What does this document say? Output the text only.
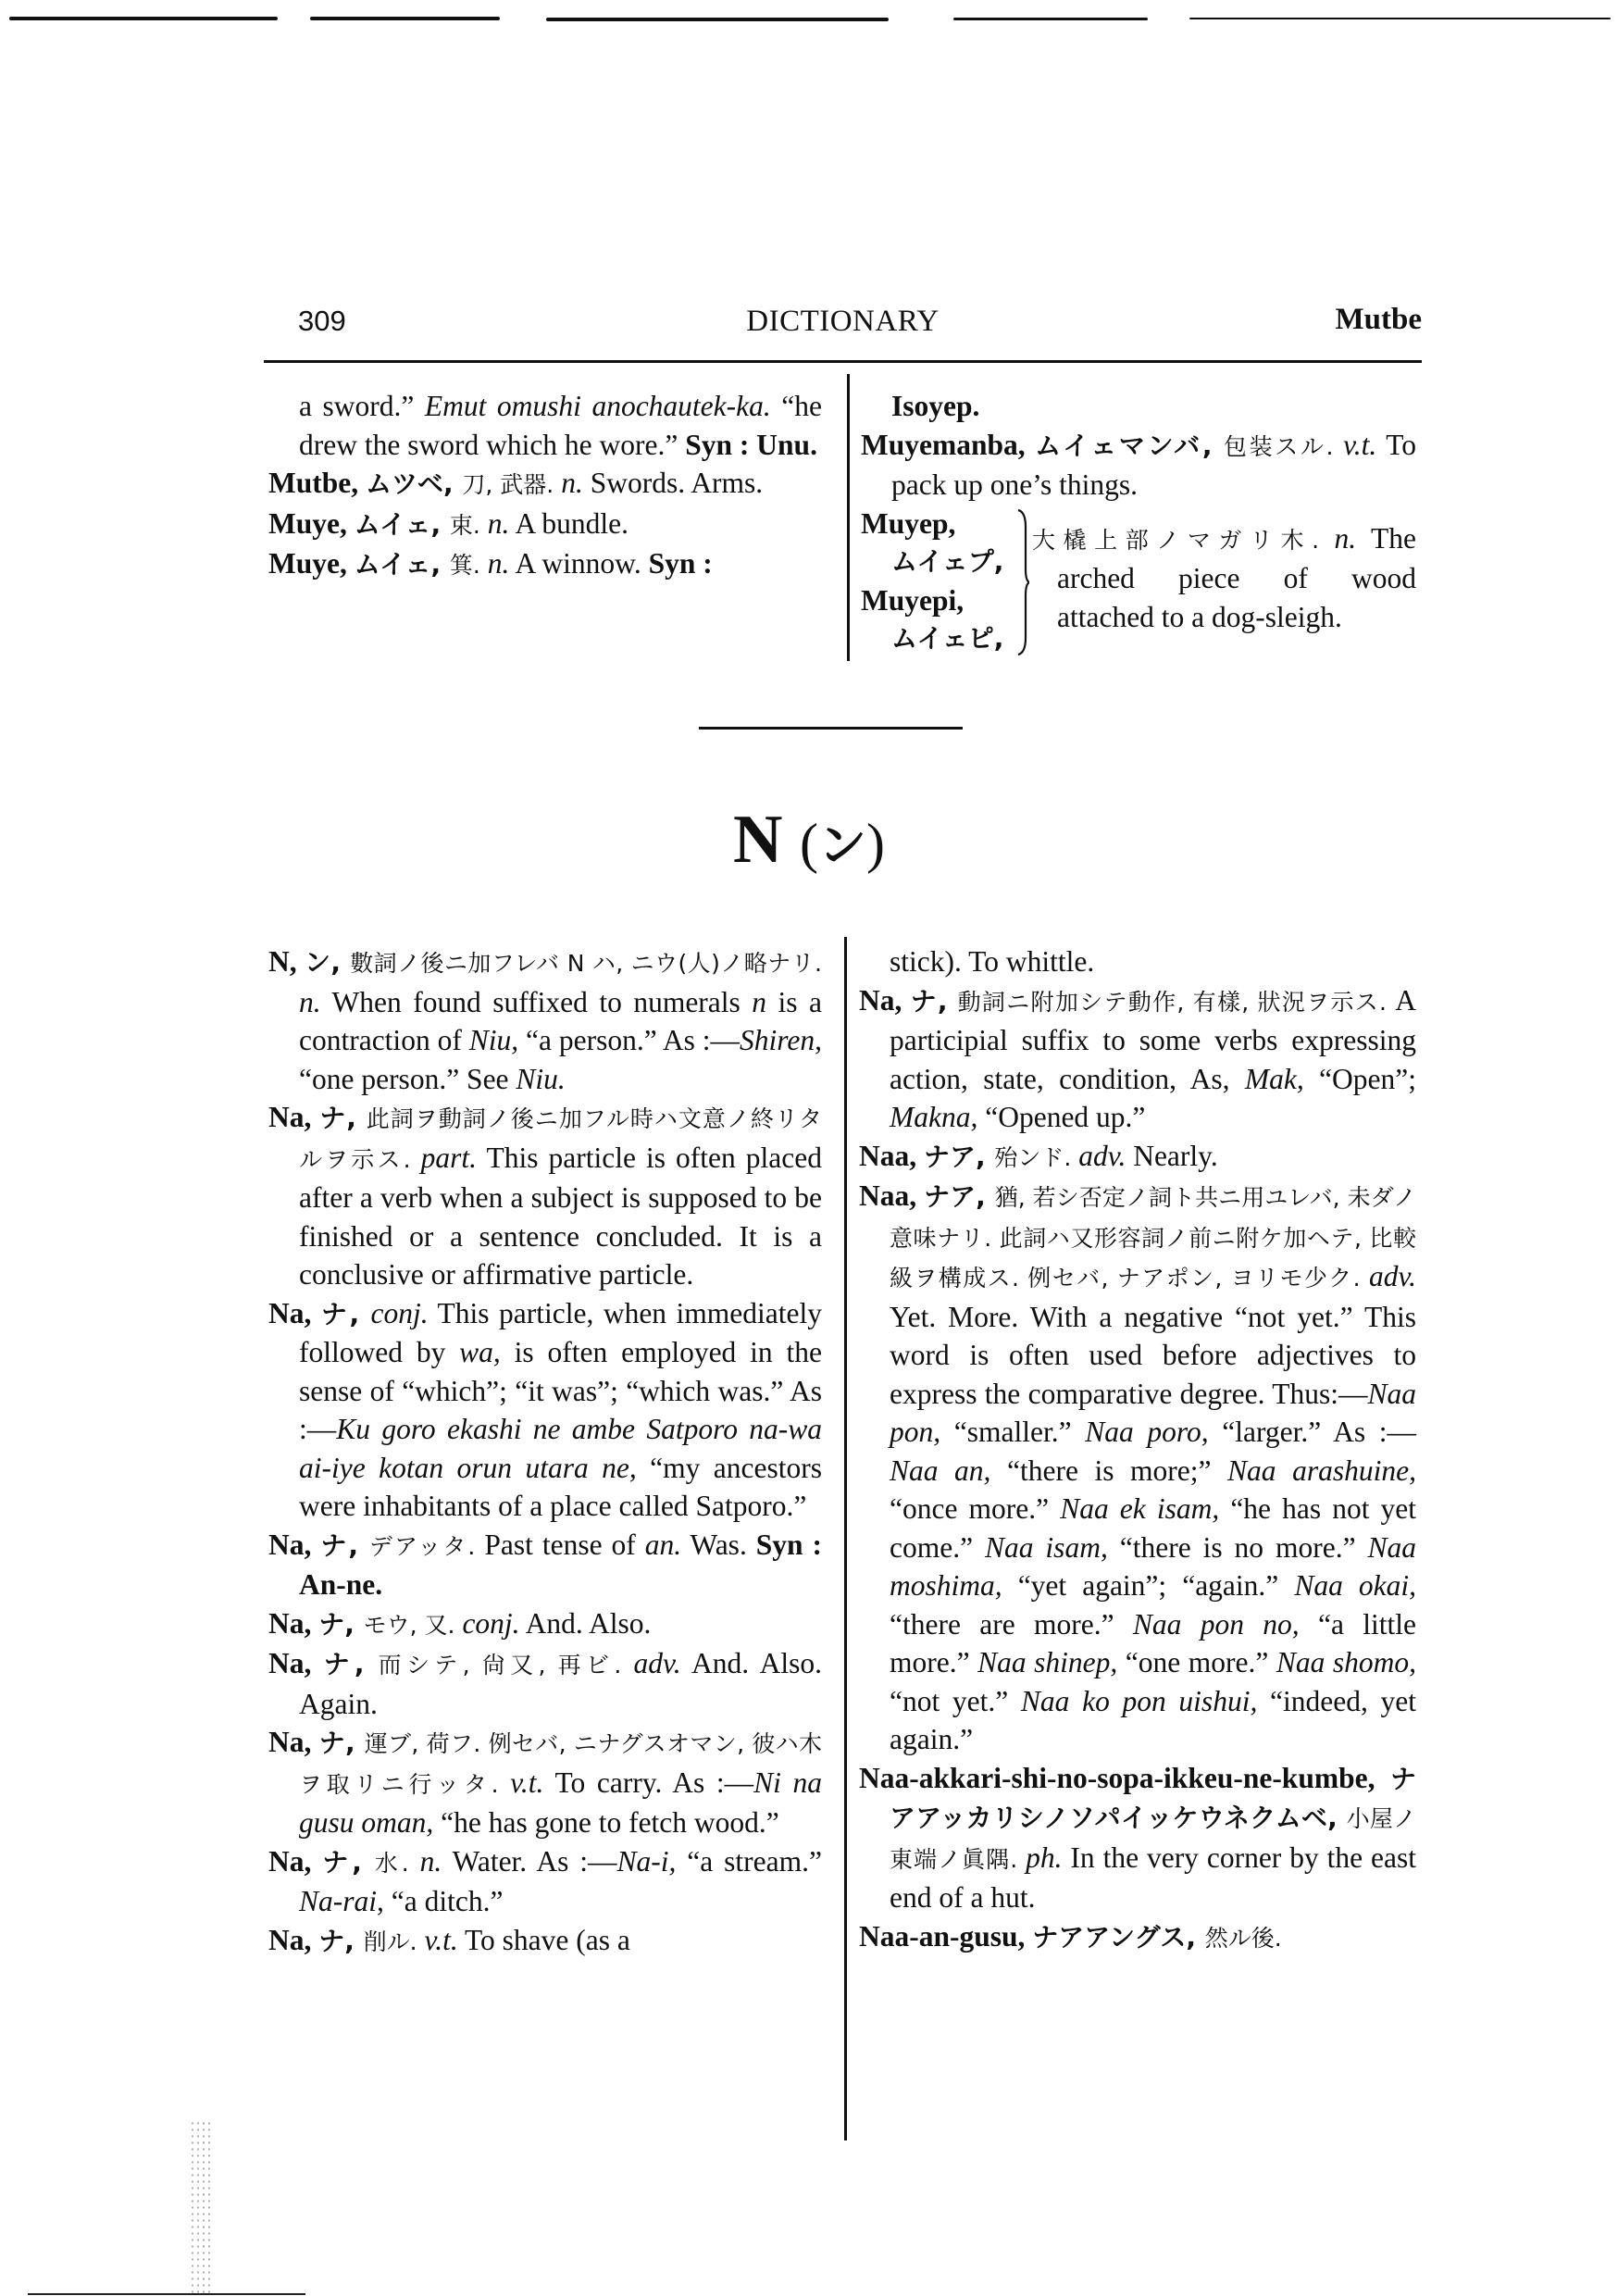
309	DICTIONARY	Mutbe

a sword.” Emut omushi anochautek-ka. “he drew the sword which he wore.” Syn : Unu.

Mutbe, ムツベ, 刀, 武器. n. Swords. Arms.

Muye, ムイェ, 束. n. A bundle.

Muye, ムイェ, 箕. n. A winnow. Syn :

Isoyep.

Muyemanba, ムイェマンバ, 包装スル. v.t. To pack up one’s things.

Muyep,
ムイェプ,
Muyepi,
ムイェピ,
大橇上部ノマガリ木. n. The
arched piece of wood
attached to a dog-sleigh.
N (ン)

N, ン, 數詞ノ後ニ加フレバ N ハ, ニウ(人)ノ略ナリ. n. When found suffixed to numerals n is a contraction of Niu, “a person.” As :—Shiren, “one person.” See Niu.

Na, ナ, 此詞ヲ動詞ノ後ニ加フル時ハ文意ノ終リタルヲ示ス. part. This particle is often placed after a verb when a subject is supposed to be finished or a sentence concluded. It is a conclusive or affirmative particle.

Na, ナ, conj. This particle, when immediately followed by wa, is often employed in the sense of “which”; “it was”; “which was.” As :—Ku goro ekashi ne ambe Satporo na-wa ai-iye kotan orun utara ne, “my ancestors were inhabitants of a place called Satporo.”

Na, ナ, デアッタ. Past tense of an. Was. Syn : An-ne.

Na, ナ, モウ, 又. conj. And. Also.

Na, ナ, 而シテ, 尙又, 再ビ. adv. And. Also. Again.

Na, ナ, 運ブ, 荷フ. 例セバ, ニナグスオマン, 彼ハ木ヲ取リニ行ッタ. v.t. To carry. As :—Ni na gusu oman, “he has gone to fetch wood.”

Na, ナ, 水. n. Water. As :—Na-i, “a stream.” Na-rai, “a ditch.”

Na, ナ, 削ル. v.t. To shave (as a

stick). To whittle.

Na, ナ, 動詞ニ附加シテ動作, 有樣, 狀況ヲ示ス. A participial suffix to some verbs expressing action, state, condition, As, Mak, “Open”; Makna, “Opened up.”

Naa, ナア, 殆ンド. adv. Nearly.

Naa, ナア, 猶, 若シ否定ノ詞ト共ニ用ユレバ, 未ダノ意味ナリ. 此詞ハ又形容詞ノ前ニ附ケ加ヘテ, 比較級ヲ構成ス. 例セバ, ナアポン, ヨリモ少ク. adv. Yet. More. With a negative “not yet.” This word is often used before adjectives to express the comparative degree. Thus:—Naa pon, “smaller.” Naa poro, “larger.” As :—Naa an, “there is more;” Naa arashuine, “once more.” Naa ek isam, “he has not yet come.” Naa isam, “there is no more.” Naa moshima, “yet again”; “again.” Naa okai, “there are more.” Naa pon no, “a little more.” Naa shinep, “one more.” Naa shomo, “not yet.” Naa ko pon uishui, “indeed, yet again.”

Naa-akkari-shi-no-sopa-ikkeu-ne-kumbe, ナアアッカリシノソパイッケウネクムベ, 小屋ノ東端ノ眞隅. ph. In the very corner by the east end of a hut.

Naa-an-gusu, ナアアングス, 然ル後.
